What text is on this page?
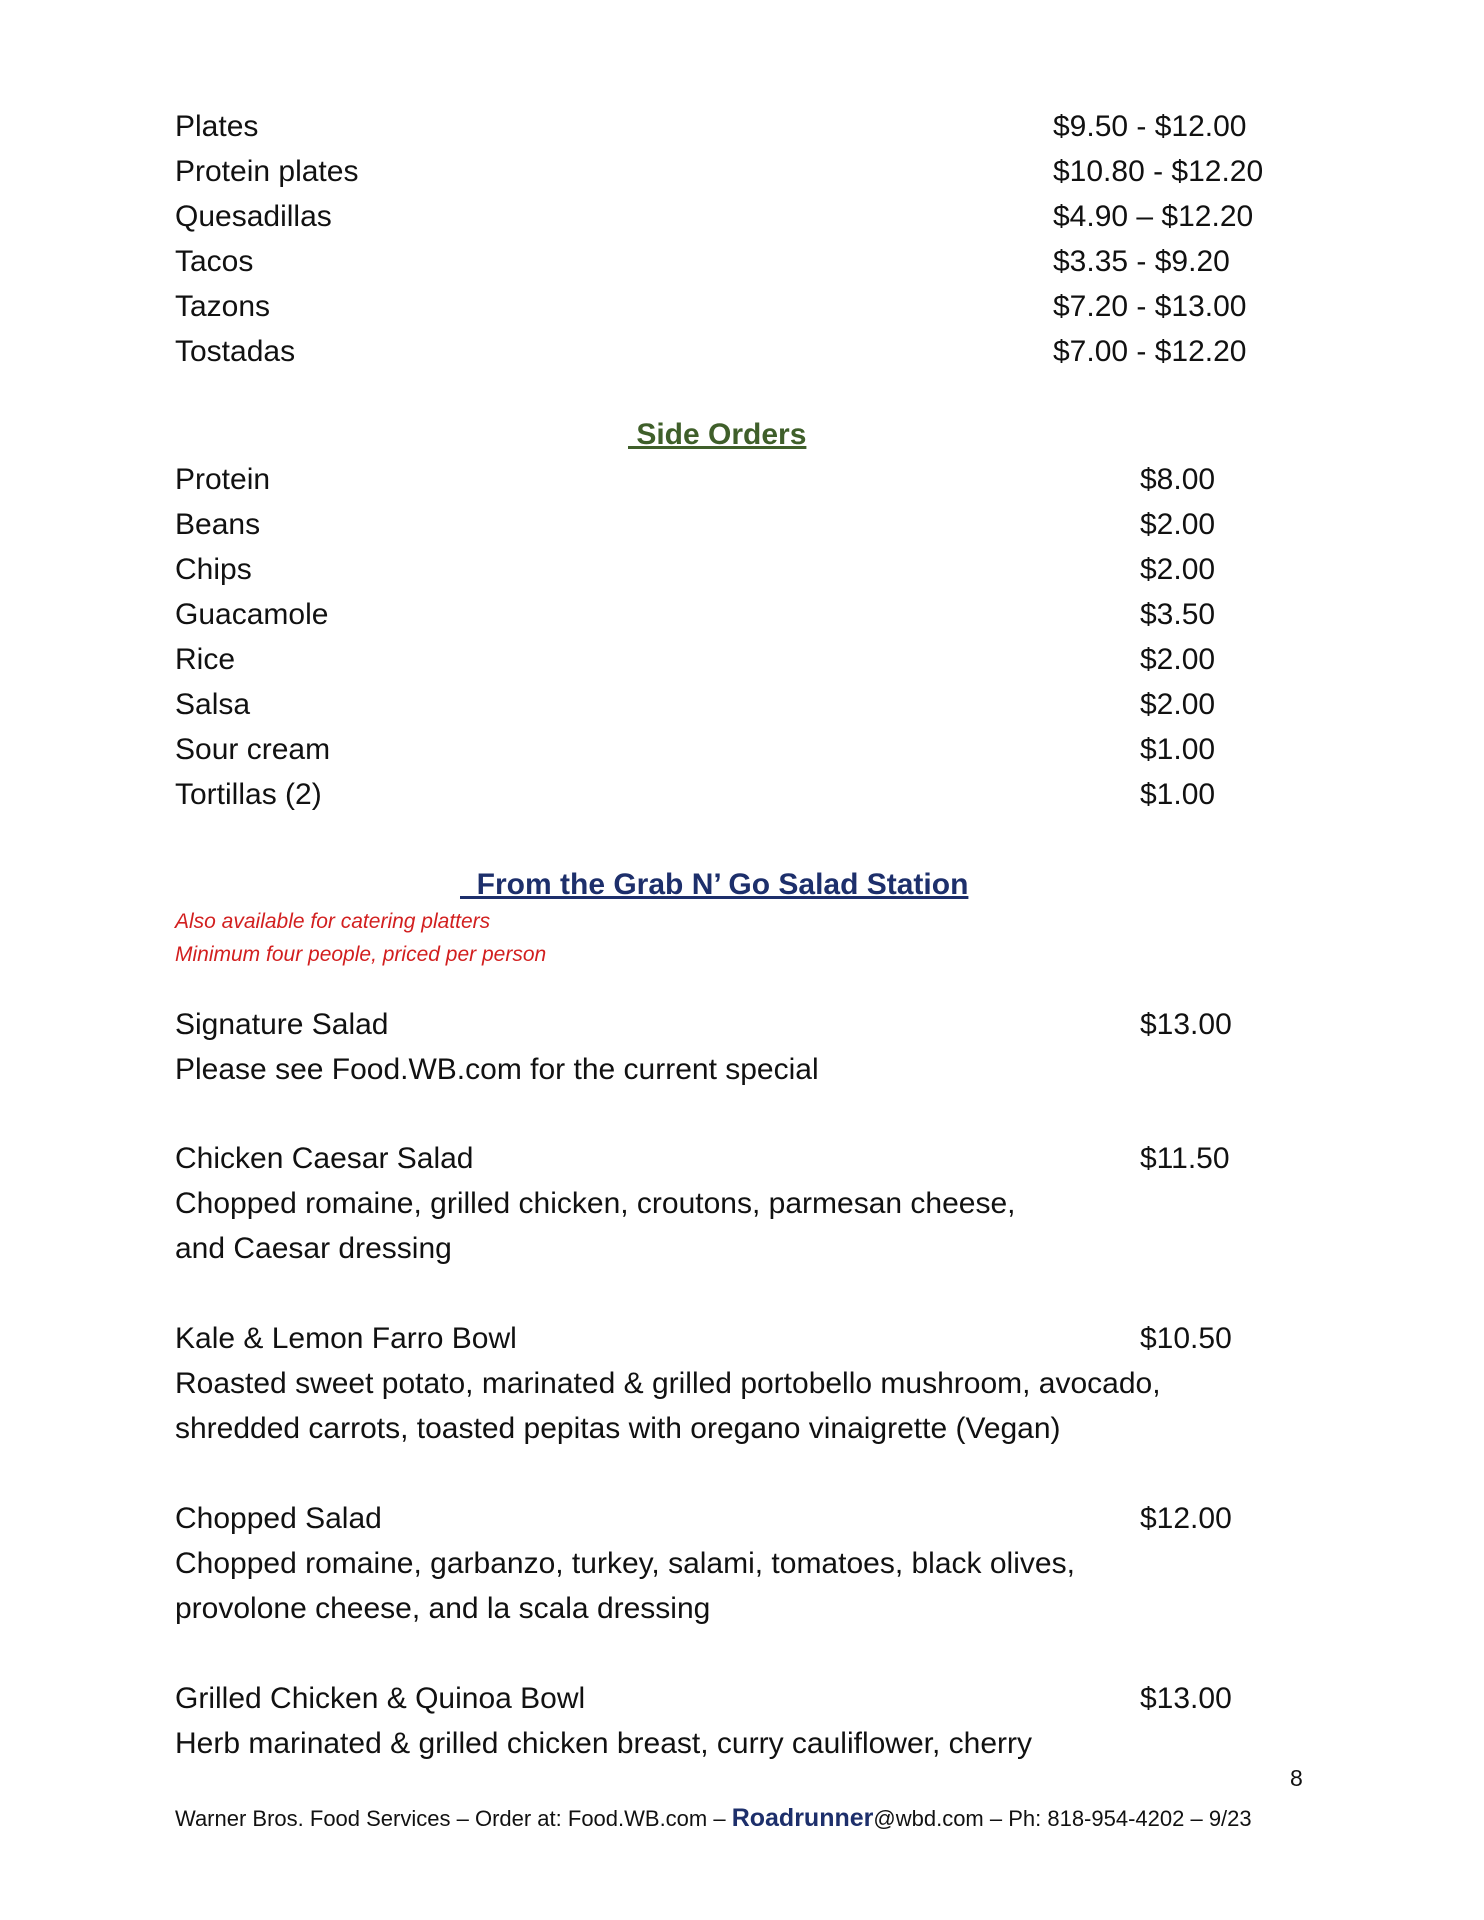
Plates	$9.50 - $12.00
Protein plates	$10.80 - $12.20
Quesadillas	$4.90 – $12.20
Tacos	$3.35 - $9.20
Tazons	$7.20 - $13.00
Tostadas	$7.00 - $12.20
Side Orders
Protein	$8.00
Beans	$2.00
Chips	$2.00
Guacamole	$3.50
Rice	$2.00
Salsa	$2.00
Sour cream	$1.00
Tortillas (2)	$1.00
From the Grab N’ Go Salad Station
Also available for catering platters
Minimum four people, priced per person
Signature Salad	$13.00
Please see Food.WB.com for the current special
Chicken Caesar Salad	$11.50
Chopped romaine, grilled chicken, croutons, parmesan cheese,
and Caesar dressing
Kale & Lemon Farro Bowl	$10.50
Roasted sweet potato, marinated & grilled portobello mushroom, avocado,
shredded carrots, toasted pepitas with oregano vinaigrette (Vegan)
Chopped Salad	$12.00
Chopped romaine, garbanzo, turkey, salami, tomatoes, black olives,
provolone cheese, and la scala dressing
Grilled Chicken & Quinoa Bowl	$13.00
Herb marinated & grilled chicken breast, curry cauliflower, cherry
8
Warner Bros. Food Services – Order at: Food.WB.com – Roadrunner@wbd.com – Ph: 818-954-4202 – 9/23
